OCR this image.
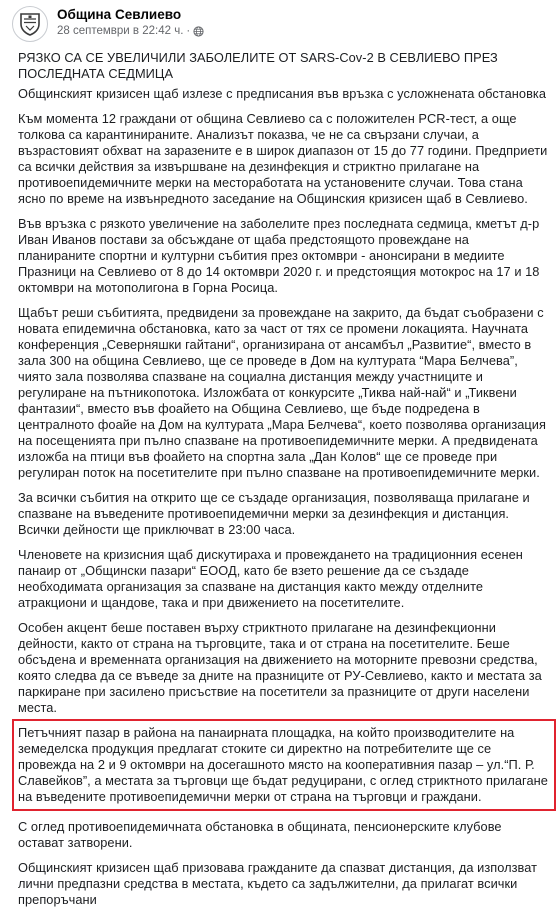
Община Севлиево
28 септември в 22:42 ч. ·

РЯЗКО СА СЕ УВЕЛИЧИЛИ ЗАБОЛЕЛИТЕ ОТ SARS-Cov-2 В СЕВЛИЕВО ПРЕЗ ПОСЛЕДНАТА СЕДМИЦА

Общинският кризисен щаб излезе с предписания във връзка с усложнената обстановка

Към момента 12 граждани от община Севлиево са с положителен PCR-тест, а още толкова са карантинираните. Анализът показва, че не са свързани случаи, а възрастовият обхват на заразените е в широк диапазон от 15 до 77 години. Предприети са всички действия за извършване на дезинфекция и стриктно прилагане на противоепидемичните мерки на месторaботата на установените случаи. Това стана ясно по време на извънредното заседание на Общинския кризисен щаб в Севлиево.

Във връзка с рязкото увеличение на заболелите през последната седмица, кметът д-р Иван Иванов постави за обсъждане от щаба предстоящото провеждане на планираните спортни и културни събития през октомври - анонсирани в медиите Празници на Севлиево от 8 до 14 октомври 2020 г. и предстоящия мотокрос на 17 и 18 октомври на мотополигона в Горна Росица.

Щабът реши събитията, предвидени за провеждане на закрито, да бъдат съобразени с новата епидемична обстановка, като за част от тях се промени локацията. Научната конференция „Северняшки гайтани“, организирана от ансамбъл „Развитие“, вместо в зала 300 на община Севлиево, ще се проведе в Дом на културата “Мара Белчева”, чиято зала позволява спазване на социална дистанция между участниците и регулиране на пътникопотока. Изложбата от конкурсите „Тиква най-най“ и „Тиквени фантазии“, вместо във фоайето на Община Севлиево, ще бъде подредена в централното фоайе на Дом на културата „Мара Белчева“, което позволява организация на посещенията при пълно спазване на противоепидемичните мерки. А предвидената изложба на птици във фоайето на спортна зала „Дан Колов“ ще се проведе при регулиран поток на посетителите при пълно спазване на противоепидемичните мерки.

За всички събития на открито ще се създаде организация, позволяваща прилагане и спазване на въведените противоепидемични мерки за дезинфекция и дистанция. Всички дейности ще приключват в 23:00 часа.

Членовете на кризисния щаб дискутираха и провеждането на традиционния есенен панаир от „Общински пазари“ ЕООД, като бе взето решение да се създаде необходимата организация за спазване на дистанция както между отделните атракциони и щандове, така и при движението на посетителите.

Особен акцент беше поставен върху стриктното прилагане на дезинфекционни дейности, както от страна на търговците, така и от страна на посетителите. Беше обсъдена и временната организация на движението на моторните превозни средства, която следва да се въведе за дните на празниците от РУ-Севлиево, както и местата за паркиране при засилено присъствие на посетители за празниците от други населени места.

Петъчният пазар в района на панаирната площадка, на който производителите на земеделска продукция предлагат стоките си директно на потребителите ще се провежда на 2 и 9 октомври на досегашното място на кооперативния пазар – ул.“П. Р. Славейков”, а местата за търговци ще бъдат редуцирани, с оглед стриктното прилагане на въведените противоепидемични мерки от страна на търговци и граждани.

С оглед противоепидемичната обстановка в общината, пенсионерските клубове остават затворени.

Общинският кризисен щаб призовава гражданите да спазват дистанция, да използват лични предпазни средства в местата, където са задължителни, да прилагат всички препоръчани
